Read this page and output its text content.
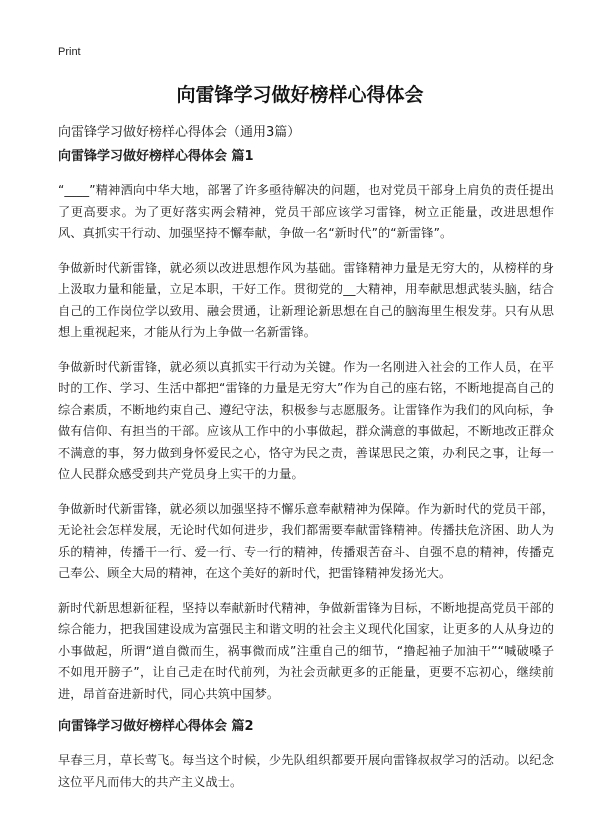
Print
向雷锋学习做好榜样心得体会

向雷锋学习做好榜样心得体会（通用3篇）

向雷锋学习做好榜样心得体会 篇1

“____”精神洒向中华大地，部署了许多亟待解决的问题，也对党员干部身上肩负的责任提出了更高要求。为了更好落实两会精神，党员干部应该学习雷锋，树立正能量，改进思想作风、真抓实干行动、加强坚持不懈奉献，争做一名“新时代”的“新雷锋”。

争做新时代新雷锋，就必须以改进思想作风为基础。雷锋精神力量是无穷大的，从榜样的身上汲取力量和能量，立足本职，干好工作。贯彻党的__大精神，用奉献思想武装头脑，结合自己的工作岗位学以致用、融会贯通，让新理论新思想在自己的脑海里生根发芽。只有从思想上重视起来，才能从行为上争做一名新雷锋。

争做新时代新雷锋，就必须以真抓实干行动为关键。作为一名刚进入社会的工作人员，在平时的工作、学习、生活中都把“雷锋的力量是无穷大”作为自己的座右铭，不断地提高自己的综合素质，不断地约束自己、遵纪守法，积极参与志愿服务。让雷锋作为我们的风向标，争做有信仰、有担当的干部。应该从工作中的小事做起，群众满意的事做起，不断地改正群众不满意的事，努力做到身怀爱民之心，恪守为民之责，善谋思民之策，办利民之事，让每一位人民群众感受到共产党员身上实干的力量。

争做新时代新雷锋，就必须以加强坚持不懈乐意奉献精神为保障。作为新时代的党员干部，无论社会怎样发展，无论时代如何进步，我们都需要奉献雷锋精神。传播扶危济困、助人为乐的精神，传播干一行、爱一行、专一行的精神，传播艰苦奋斗、自强不息的精神，传播克己奉公、顾全大局的精神，在这个美好的新时代，把雷锋精神发扬光大。

新时代新思想新征程，坚持以奉献新时代精神，争做新雷锋为目标，不断地提高党员干部的综合能力，把我国建设成为富强民主和谐文明的社会主义现代化国家，让更多的人从身边的小事做起，所谓“道自微而生，祸事微而成”注重自己的细节，“撸起袖子加油干”“喊破嗓子不如甩开膀子”，让自己走在时代前列，为社会贡献更多的正能量，更要不忘初心，继续前进，昂首奋进新时代，同心共筑中国梦。

向雷锋学习做好榜样心得体会 篇2

早春三月，草长莺飞。每当这个时候，少先队组织都要开展向雷锋叔叔学习的活动。以纪念这位平凡而伟大的共产主义战士。
